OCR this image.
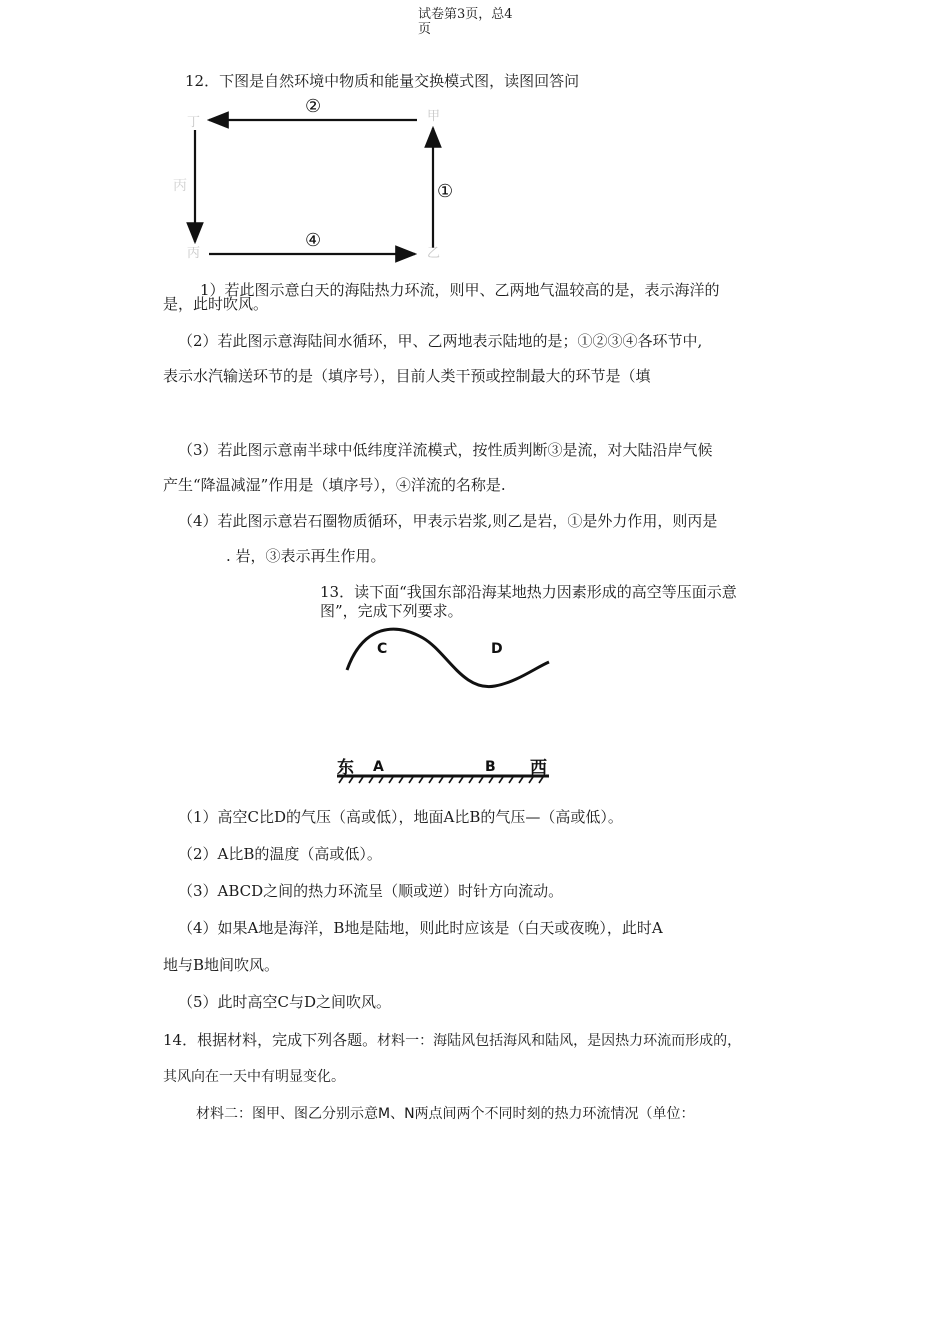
试卷第3页，总4
页
12．下图是自然环境中物质和能量交换模式图，读图回答问
丁	甲
丙	乙
丙
②
①
④
1）若此图示意白天的海陆热力环流，则甲、乙两地气温较高的是，表示海洋的
是，此时吹风。
（2）若此图示意海陆间水循环，甲、乙两地表示陆地的是；①②③④各环节中,
表示水汽输送环节的是（填序号），目前人类干预或控制最大的环节是（填
（3）若此图示意南半球中低纬度洋流模式，按性质判断③是流，对大陆沿岸气候
产生“降温减湿”作用是（填序号），④洋流的名称是.
（4）若此图示意岩石圈物质循环，甲表示岩浆,则乙是岩，①是外力作用，则丙是
. 岩，③表示再生作用。
13．读下面“我国东部沿海某地热力因素形成的高空等压面示意
图”，完成下列要求。
C	D
东 A	B 西
（1）高空C比D的气压（高或低），地面A比B的气压—（高或低）。
（2）A比B的温度（高或低）。
（3）ABCD之间的热力环流呈（顺或逆）时针方向流动。
（4）如果A地是海洋，B地是陆地，则此时应该是（白天或夜晚），此时A
地与B地间吹风。
（5）此时高空C与D之间吹风。
14．根据材料，完成下列各题。材料一：海陆风包括海风和陆风，是因热力环流而形成的，
其风向在一天中有明显变化。
材料二：图甲、图乙分别示意M、N两点间两个不同时刻的热力环流情况（单位：
